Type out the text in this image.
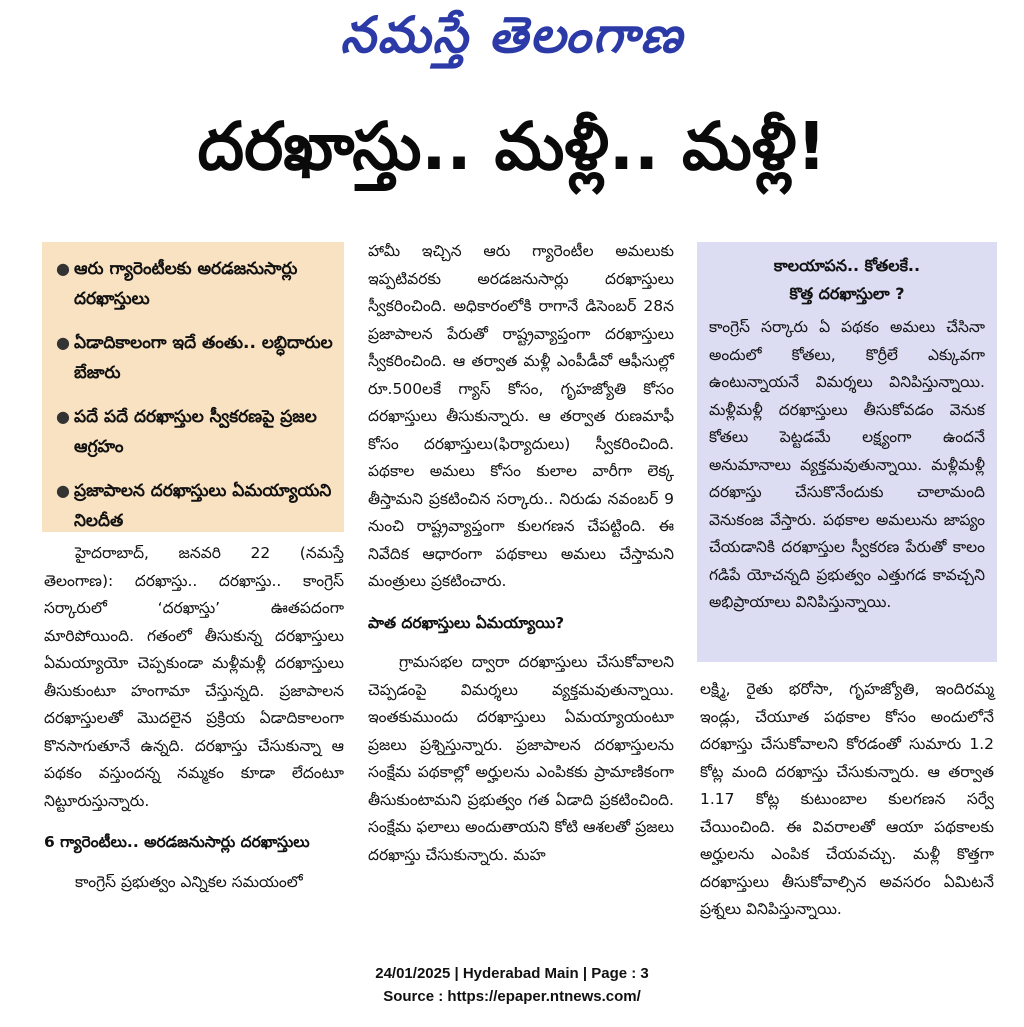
నమస్తే తెలంగాణ
దరఖాస్తు.. మళ్లీ.. మళ్లీ!
● ఆరు గ్యారెంటీలకు అరడజనుసార్లు దరఖాస్తులు
● ఏడాదికాలంగా ఇదే తంతు.. లబ్ధిదారుల బేజారు
● పదే పదే దరఖాస్తుల స్వీకరణపై ప్రజల ఆగ్రహం
● ప్రజాపాలన దరఖాస్తులు ఏమయ్యాయని నిలదీత

హైదరాబాద్, జనవరి 22 (నమస్తే తెలంగాణ): దరఖాస్తు.. దరఖాస్తు.. కాంగ్రెస్ సర్కారులో ‘దరఖాస్తు’ ఊతపదంగా మారిపోయింది. గతంలో తీసుకున్న దరఖాస్తులు ఏమయ్యాయో చెప్పకుండా మళ్లీమళ్లీ దరఖాస్తులు తీసుకుంటూ హంగామా చేస్తున్నది. ప్రజాపాలన దరఖాస్తులతో మొదలైన ప్రక్రియ ఏడాదికాలంగా కొనసాగుతూనే ఉన్నది. దరఖాస్తు చేసుకున్నా ఆ పథకం వస్తుందన్న నమ్మకం కూడా లేదంటూ నిట్టూరుస్తున్నారు.

6 గ్యారెంటీలు.. అరడజనుసార్లు దరఖాస్తులు

కాంగ్రెస్ ప్రభుత్వం ఎన్నికల సమయంలో

హామీ ఇచ్చిన ఆరు గ్యారెంటీల అమలుకు ఇప్పటివరకు అరడజనుసార్లు దరఖాస్తులు స్వీకరించింది. అధికారంలోకి రాగానే డిసెంబర్ 28న ప్రజాపాలన పేరుతో రాష్ట్రవ్యాప్తంగా దరఖాస్తులు స్వీకరించింది. ఆ తర్వాత మళ్లీ ఎంపీడీవో ఆఫీసుల్లో రూ.500లకే గ్యాస్ కోసం, గృహజ్యోతి కోసం దరఖాస్తులు తీసుకున్నారు. ఆ తర్వాత రుణమాఫీ కోసం దరఖాస్తులు(ఫిర్యాదులు) స్వీకరించింది. పథకాల అమలు కోసం కులాల వారీగా లెక్క తీస్తామని ప్రకటించిన సర్కారు.. నిరుడు నవంబర్ 9 నుంచి రాష్ట్రవ్యాప్తంగా కులగణన చేపట్టింది. ఈ నివేదిక ఆధారంగా పథకాలు అమలు చేస్తామని మంత్రులు ప్రకటించారు.

పాత దరఖాస్తులు ఏమయ్యాయి?

గ్రామసభల ద్వారా దరఖాస్తులు చేసుకోవాలని చెప్పడంపై విమర్శలు వ్యక్తమవుతున్నాయి. ఇంతకుముందు దరఖాస్తులు ఏమయ్యాయంటూ ప్రజలు ప్రశ్నిస్తున్నారు. ప్రజాపాలన దరఖాస్తులను సంక్షేమ పథకాల్లో అర్హులను ఎంపికకు ప్రామాణికంగా తీసుకుంటామని ప్రభుత్వం గత ఏడాది ప్రకటించింది. సంక్షేమ ఫలాలు అందుతాయని కోటి ఆశలతో ప్రజలు దరఖాస్తు చేసుకున్నారు. మహ

కాలయాపన.. కోతలకే..
కొత్త దరఖాస్తులా ?
కాంగ్రెస్ సర్కారు ఏ పథకం అమలు చేసినా అందులో కోతలు, కొర్రీలే ఎక్కువగా ఉంటున్నాయనే విమర్శలు వినిపిస్తున్నాయి. మళ్లీమళ్లీ దరఖాస్తులు తీసుకోవడం వెనుక కోతలు పెట్టడమే లక్ష్యంగా ఉందనే అనుమానాలు వ్యక్తమవుతున్నాయి. మళ్లీమళ్లీ దరఖాస్తు చేసుకొనేందుకు చాలామంది వెనుకంజ వేస్తారు. పథకాల అమలును జాప్యం చేయడానికి దరఖాస్తుల స్వీకరణ పేరుతో కాలం గడిపే యోచన్నది ప్రభుత్వం ఎత్తుగడ కావచ్చని అభిప్రాయాలు వినిపిస్తున్నాయి.

లక్ష్మి, రైతు భరోసా, గృహజ్యోతి, ఇందిరమ్మ ఇండ్లు, చేయూత పథకాల కోసం అందులోనే దరఖాస్తు చేసుకోవాలని కోరడంతో సుమారు 1.2 కోట్ల మంది దరఖాస్తు చేసుకున్నారు. ఆ తర్వాత 1.17 కోట్ల కుటుంబాల కులగణన సర్వే చేయించింది. ఈ వివరాలతో ఆయా పథకాలకు అర్హులను ఎంపిక చేయవచ్చు. మళ్లీ కొత్తగా దరఖాస్తులు తీసుకోవాల్సిన అవసరం ఏమిటనే ప్రశ్నలు వినిపిస్తున్నాయి.

24/01/2025 | Hyderabad Main | Page : 3
Source : https://epaper.ntnews.com/
